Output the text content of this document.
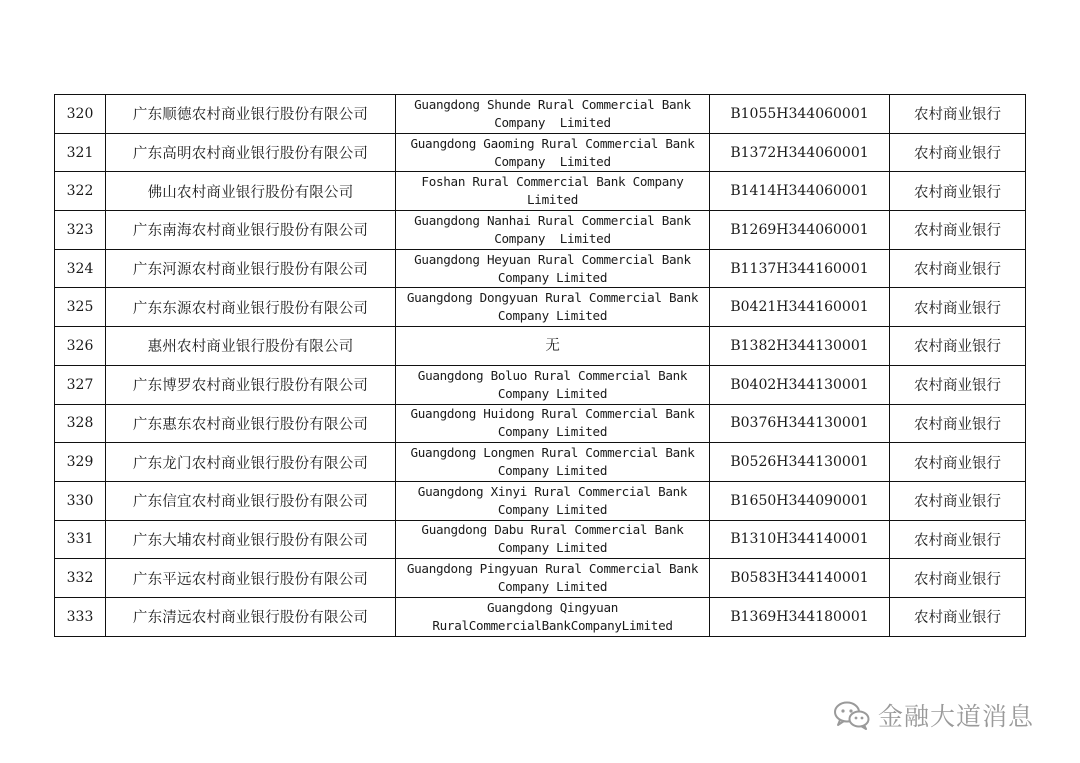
320	广东顺德农村商业银行股份有限公司	Guangdong Shunde Rural Commercial Bank
Company  Limited	B1055H344060001	农村商业银行
321	广东高明农村商业银行股份有限公司	Guangdong Gaoming Rural Commercial Bank
Company  Limited	B1372H344060001	农村商业银行
322	佛山农村商业银行股份有限公司	Foshan Rural Commercial Bank Company
Limited	B1414H344060001	农村商业银行
323	广东南海农村商业银行股份有限公司	Guangdong Nanhai Rural Commercial Bank
Company  Limited	B1269H344060001	农村商业银行
324	广东河源农村商业银行股份有限公司	Guangdong Heyuan Rural Commercial Bank
Company Limited	B1137H344160001	农村商业银行
325	广东东源农村商业银行股份有限公司	Guangdong Dongyuan Rural Commercial Bank
Company Limited	B0421H344160001	农村商业银行
326	惠州农村商业银行股份有限公司	无	B1382H344130001	农村商业银行
327	广东博罗农村商业银行股份有限公司	Guangdong Boluo Rural Commercial Bank
Company Limited	B0402H344130001	农村商业银行
328	广东惠东农村商业银行股份有限公司	Guangdong Huidong Rural Commercial Bank
Company Limited	B0376H344130001	农村商业银行
329	广东龙门农村商业银行股份有限公司	Guangdong Longmen Rural Commercial Bank
Company Limited	B0526H344130001	农村商业银行
330	广东信宜农村商业银行股份有限公司	Guangdong Xinyi Rural Commercial Bank
Company Limited	B1650H344090001	农村商业银行
331	广东大埔农村商业银行股份有限公司	Guangdong Dabu Rural Commercial Bank
Company Limited	B1310H344140001	农村商业银行
332	广东平远农村商业银行股份有限公司	Guangdong Pingyuan Rural Commercial Bank
Company Limited	B0583H344140001	农村商业银行
333	广东清远农村商业银行股份有限公司	Guangdong Qingyuan
RuralCommercialBankCompanyLimited	B1369H344180001	农村商业银行
金融大道消息
